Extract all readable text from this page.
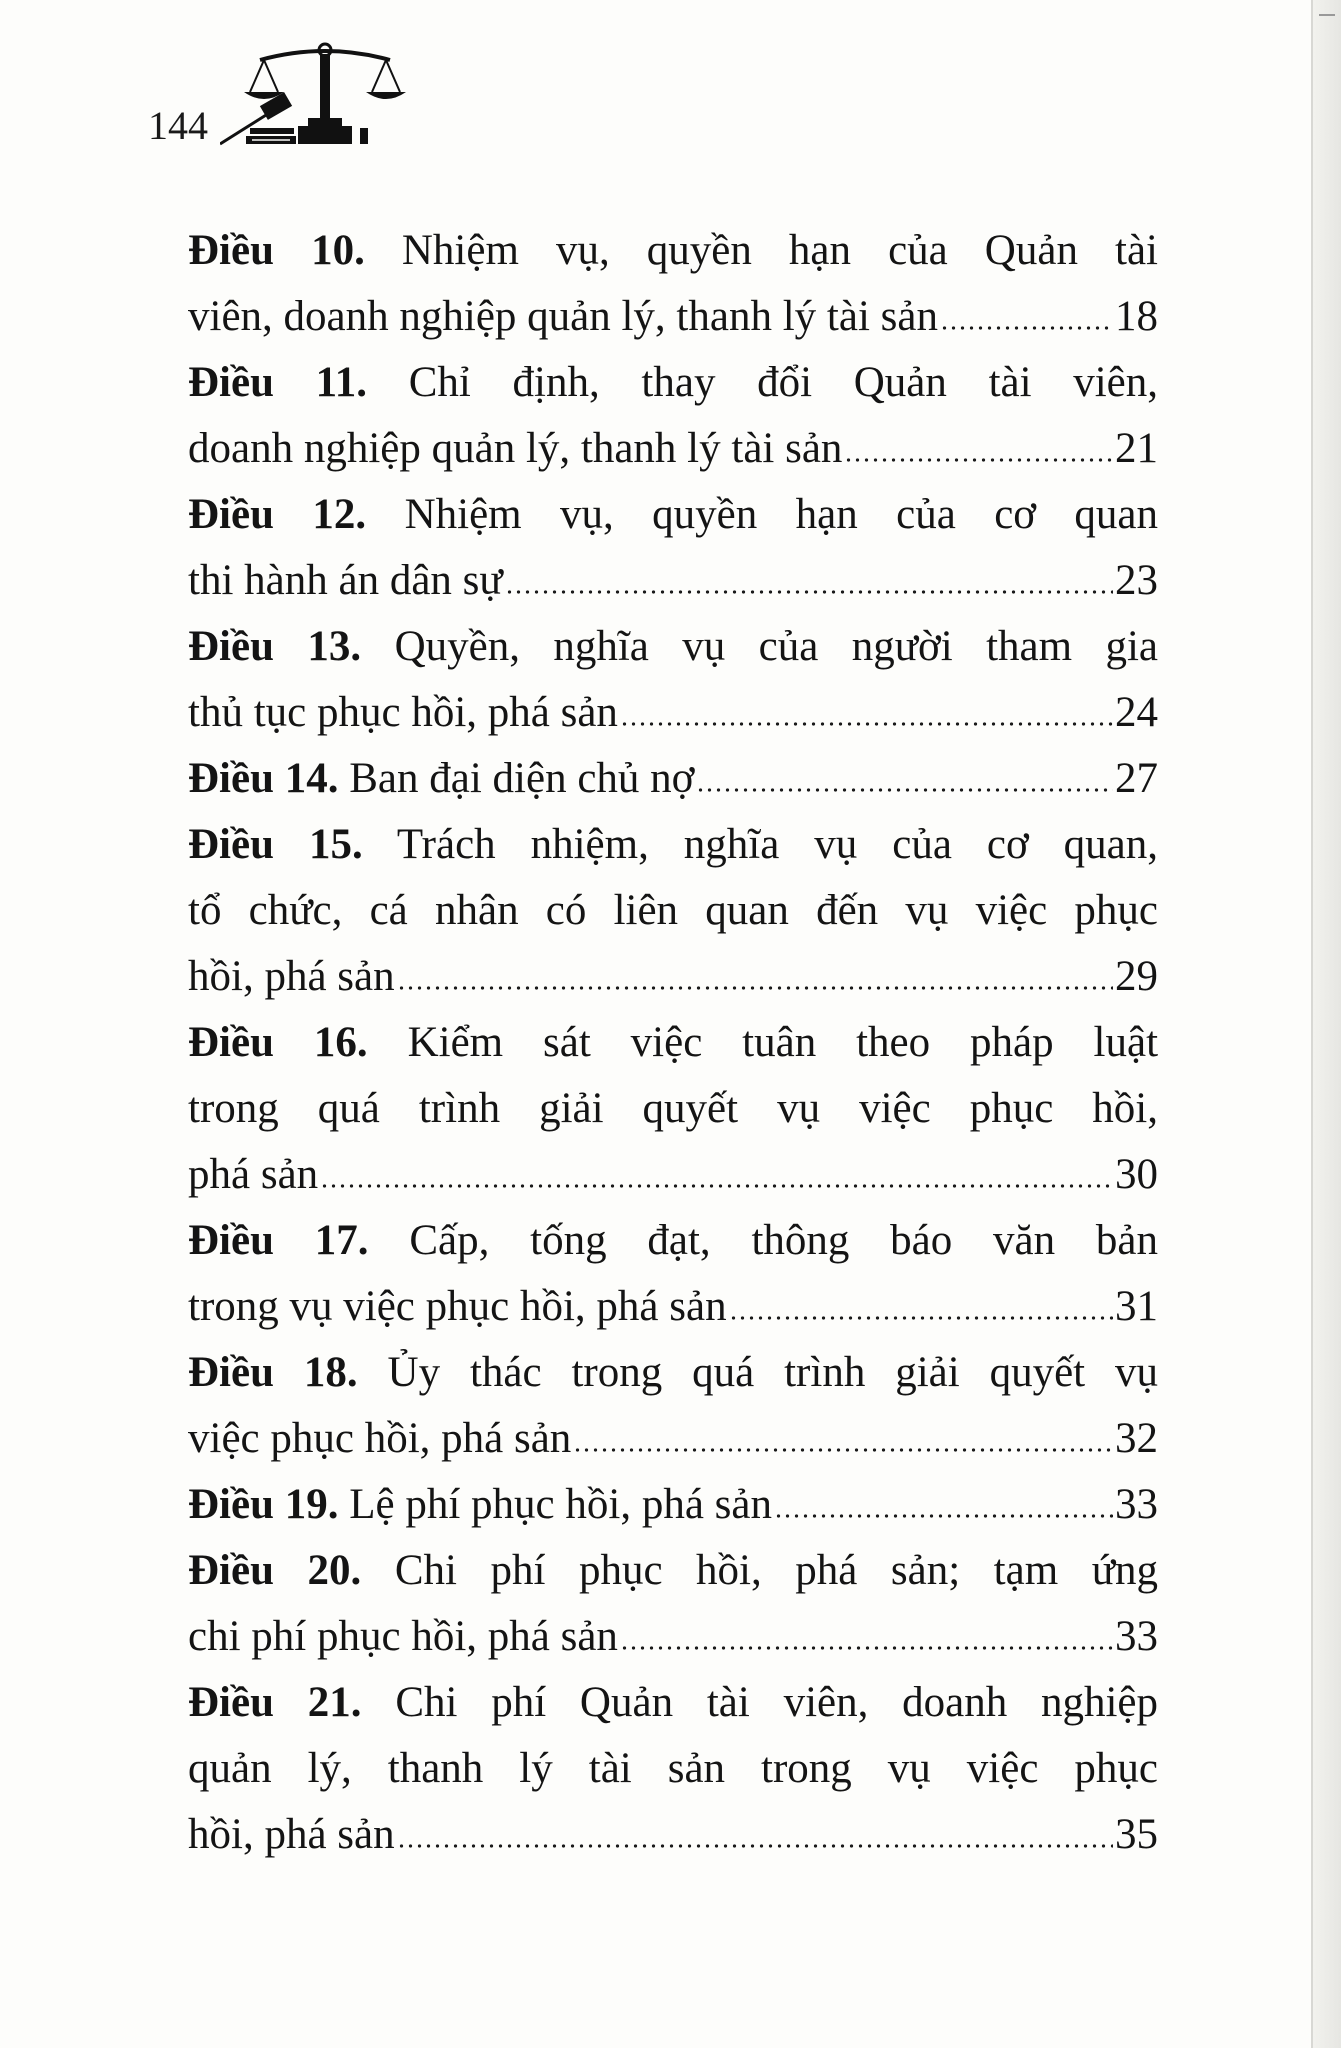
144
Điều 10. Nhiệm vụ, quyền hạn của Quản tài
viên, doanh nghiệp quản lý, thanh lý tài sản	18
Điều 11. Chỉ định, thay đổi Quản tài viên,
doanh nghiệp quản lý, thanh lý tài sản	21
Điều 12. Nhiệm vụ, quyền hạn của cơ quan
thi hành án dân sự	23
Điều 13. Quyền, nghĩa vụ của người tham gia
thủ tục phục hồi, phá sản	24
Điều 14.
Ban đại diện chủ nợ	27
Điều 15. Trách nhiệm, nghĩa vụ của cơ quan,
tổ chức, cá nhân có liên quan đến vụ việc phục
hồi, phá sản	29
Điều 16. Kiểm sát việc tuân theo pháp luật
trong quá trình giải quyết vụ việc phục hồi,
phá sản	30
Điều 17. Cấp, tống đạt, thông báo văn bản
trong vụ việc phục hồi, phá sản	31
Điều 18. Ủy thác trong quá trình giải quyết vụ
việc phục hồi, phá sản	32
Điều 19.
Lệ phí phục hồi, phá sản	33
Điều 20. Chi phí phục hồi, phá sản; tạm ứng
chi phí phục hồi, phá sản	33
Điều 21. Chi phí Quản tài viên, doanh nghiệp
quản lý, thanh lý tài sản trong vụ việc phục
hồi, phá sản	35
